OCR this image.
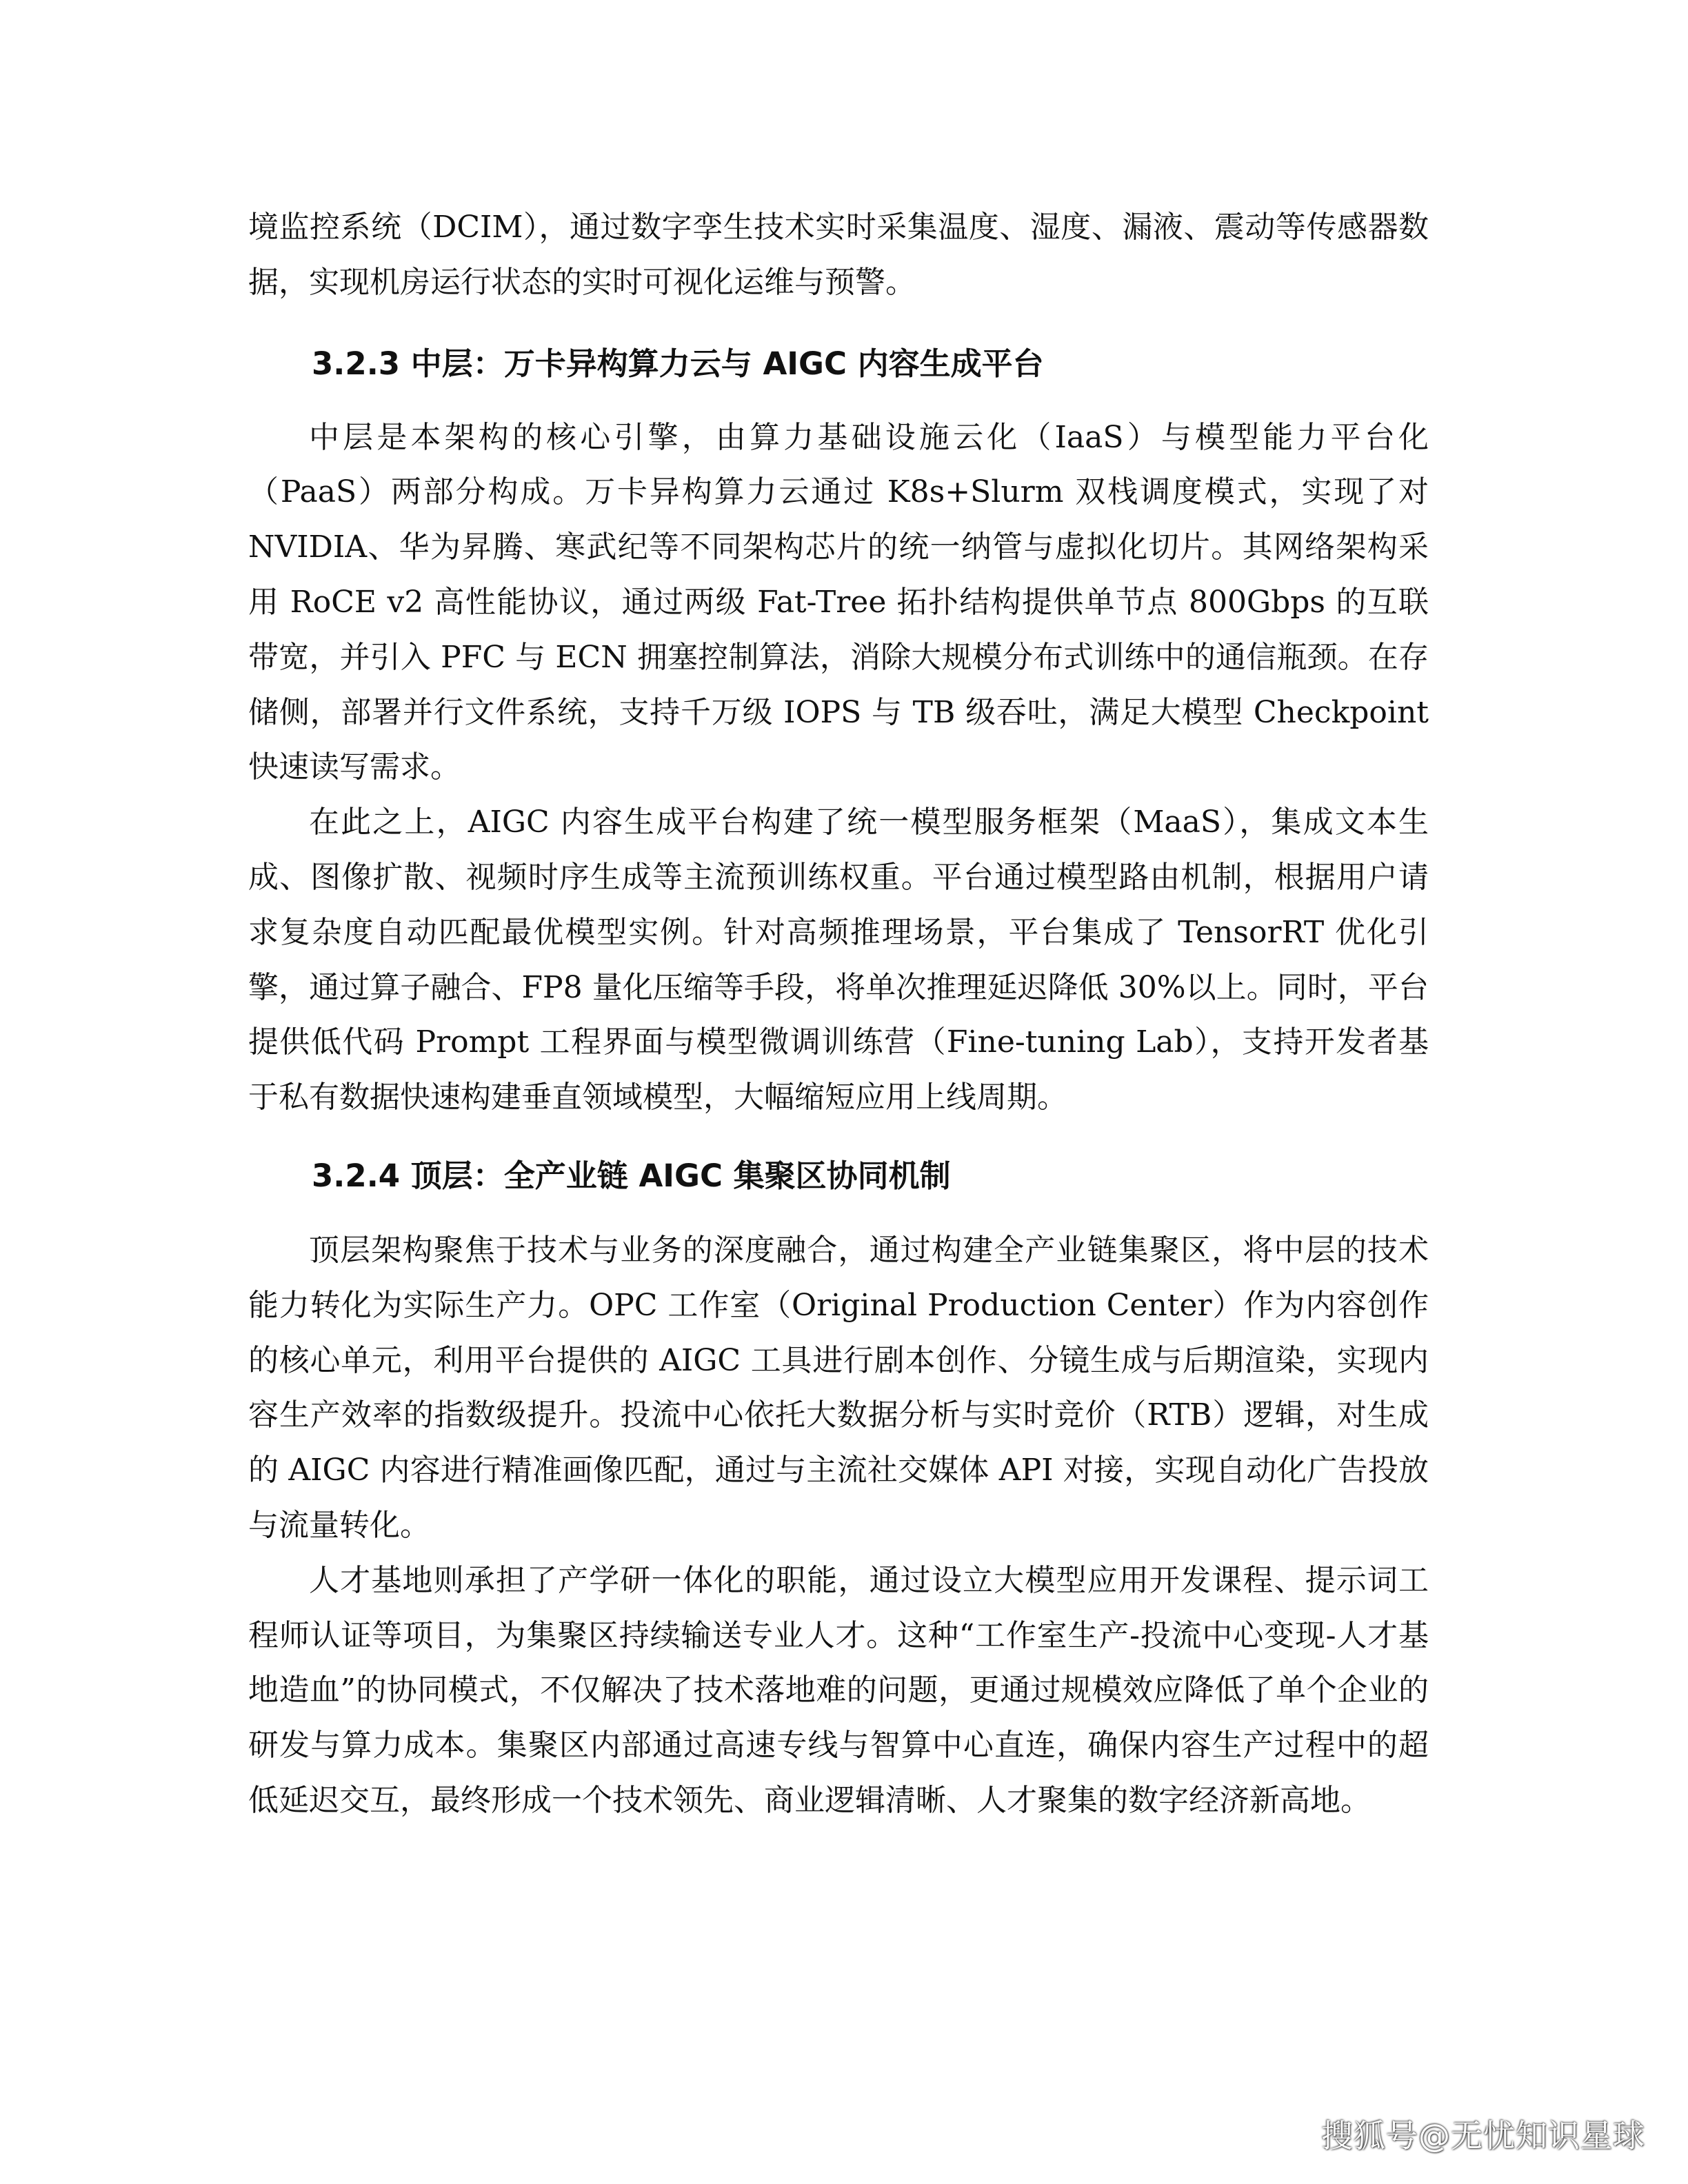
境监控系统（DCIM），通过数字孪生技术实时采集温度、湿度、漏液、震动等传感器数据，实现机房运行状态的实时可视化运维与预警。

3.2.3 中层：万卡异构算力云与 AIGC 内容生成平台

中层是本架构的核心引擎，由算力基础设施云化（IaaS）与模型能力平台化（PaaS）两部分构成。万卡异构算力云通过 K8s+Slurm 双栈调度模式，实现了对 NVIDIA、华为昇腾、寒武纪等不同架构芯片的统一纳管与虚拟化切片。其网络架构采用 RoCE v2 高性能协议，通过两级 Fat-Tree 拓扑结构提供单节点 800Gbps 的互联带宽，并引入 PFC 与 ECN 拥塞控制算法，消除大规模分布式训练中的通信瓶颈。在存储侧，部署并行文件系统，支持千万级 IOPS 与 TB 级吞吐，满足大模型 Checkpoint 快速读写需求。

在此之上，AIGC 内容生成平台构建了统一模型服务框架（MaaS），集成文本生成、图像扩散、视频时序生成等主流预训练权重。平台通过模型路由机制，根据用户请求复杂度自动匹配最优模型实例。针对高频推理场景，平台集成了 TensorRT 优化引擎，通过算子融合、FP8 量化压缩等手段，将单次推理延迟降低 30%以上。同时，平台提供低代码 Prompt 工程界面与模型微调训练营（Fine-tuning Lab），支持开发者基于私有数据快速构建垂直领域模型，大幅缩短应用上线周期。

3.2.4 顶层：全产业链 AIGC 集聚区协同机制

顶层架构聚焦于技术与业务的深度融合，通过构建全产业链集聚区，将中层的技术能力转化为实际生产力。OPC 工作室（Original Production Center）作为内容创作的核心单元，利用平台提供的 AIGC 工具进行剧本创作、分镜生成与后期渲染，实现内容生产效率的指数级提升。投流中心依托大数据分析与实时竞价（RTB）逻辑，对生成的 AIGC 内容进行精准画像匹配，通过与主流社交媒体 API 对接，实现自动化广告投放与流量转化。

人才基地则承担了产学研一体化的职能，通过设立大模型应用开发课程、提示词工程师认证等项目，为集聚区持续输送专业人才。这种“工作室生产-投流中心变现-人才基地造血”的协同模式，不仅解决了技术落地难的问题，更通过规模效应降低了单个企业的研发与算力成本。集聚区内部通过高速专线与智算中心直连，确保内容生产过程中的超低延迟交互，最终形成一个技术领先、商业逻辑清晰、人才聚集的数字经济新高地。

搜狐号@无忧知识星球
